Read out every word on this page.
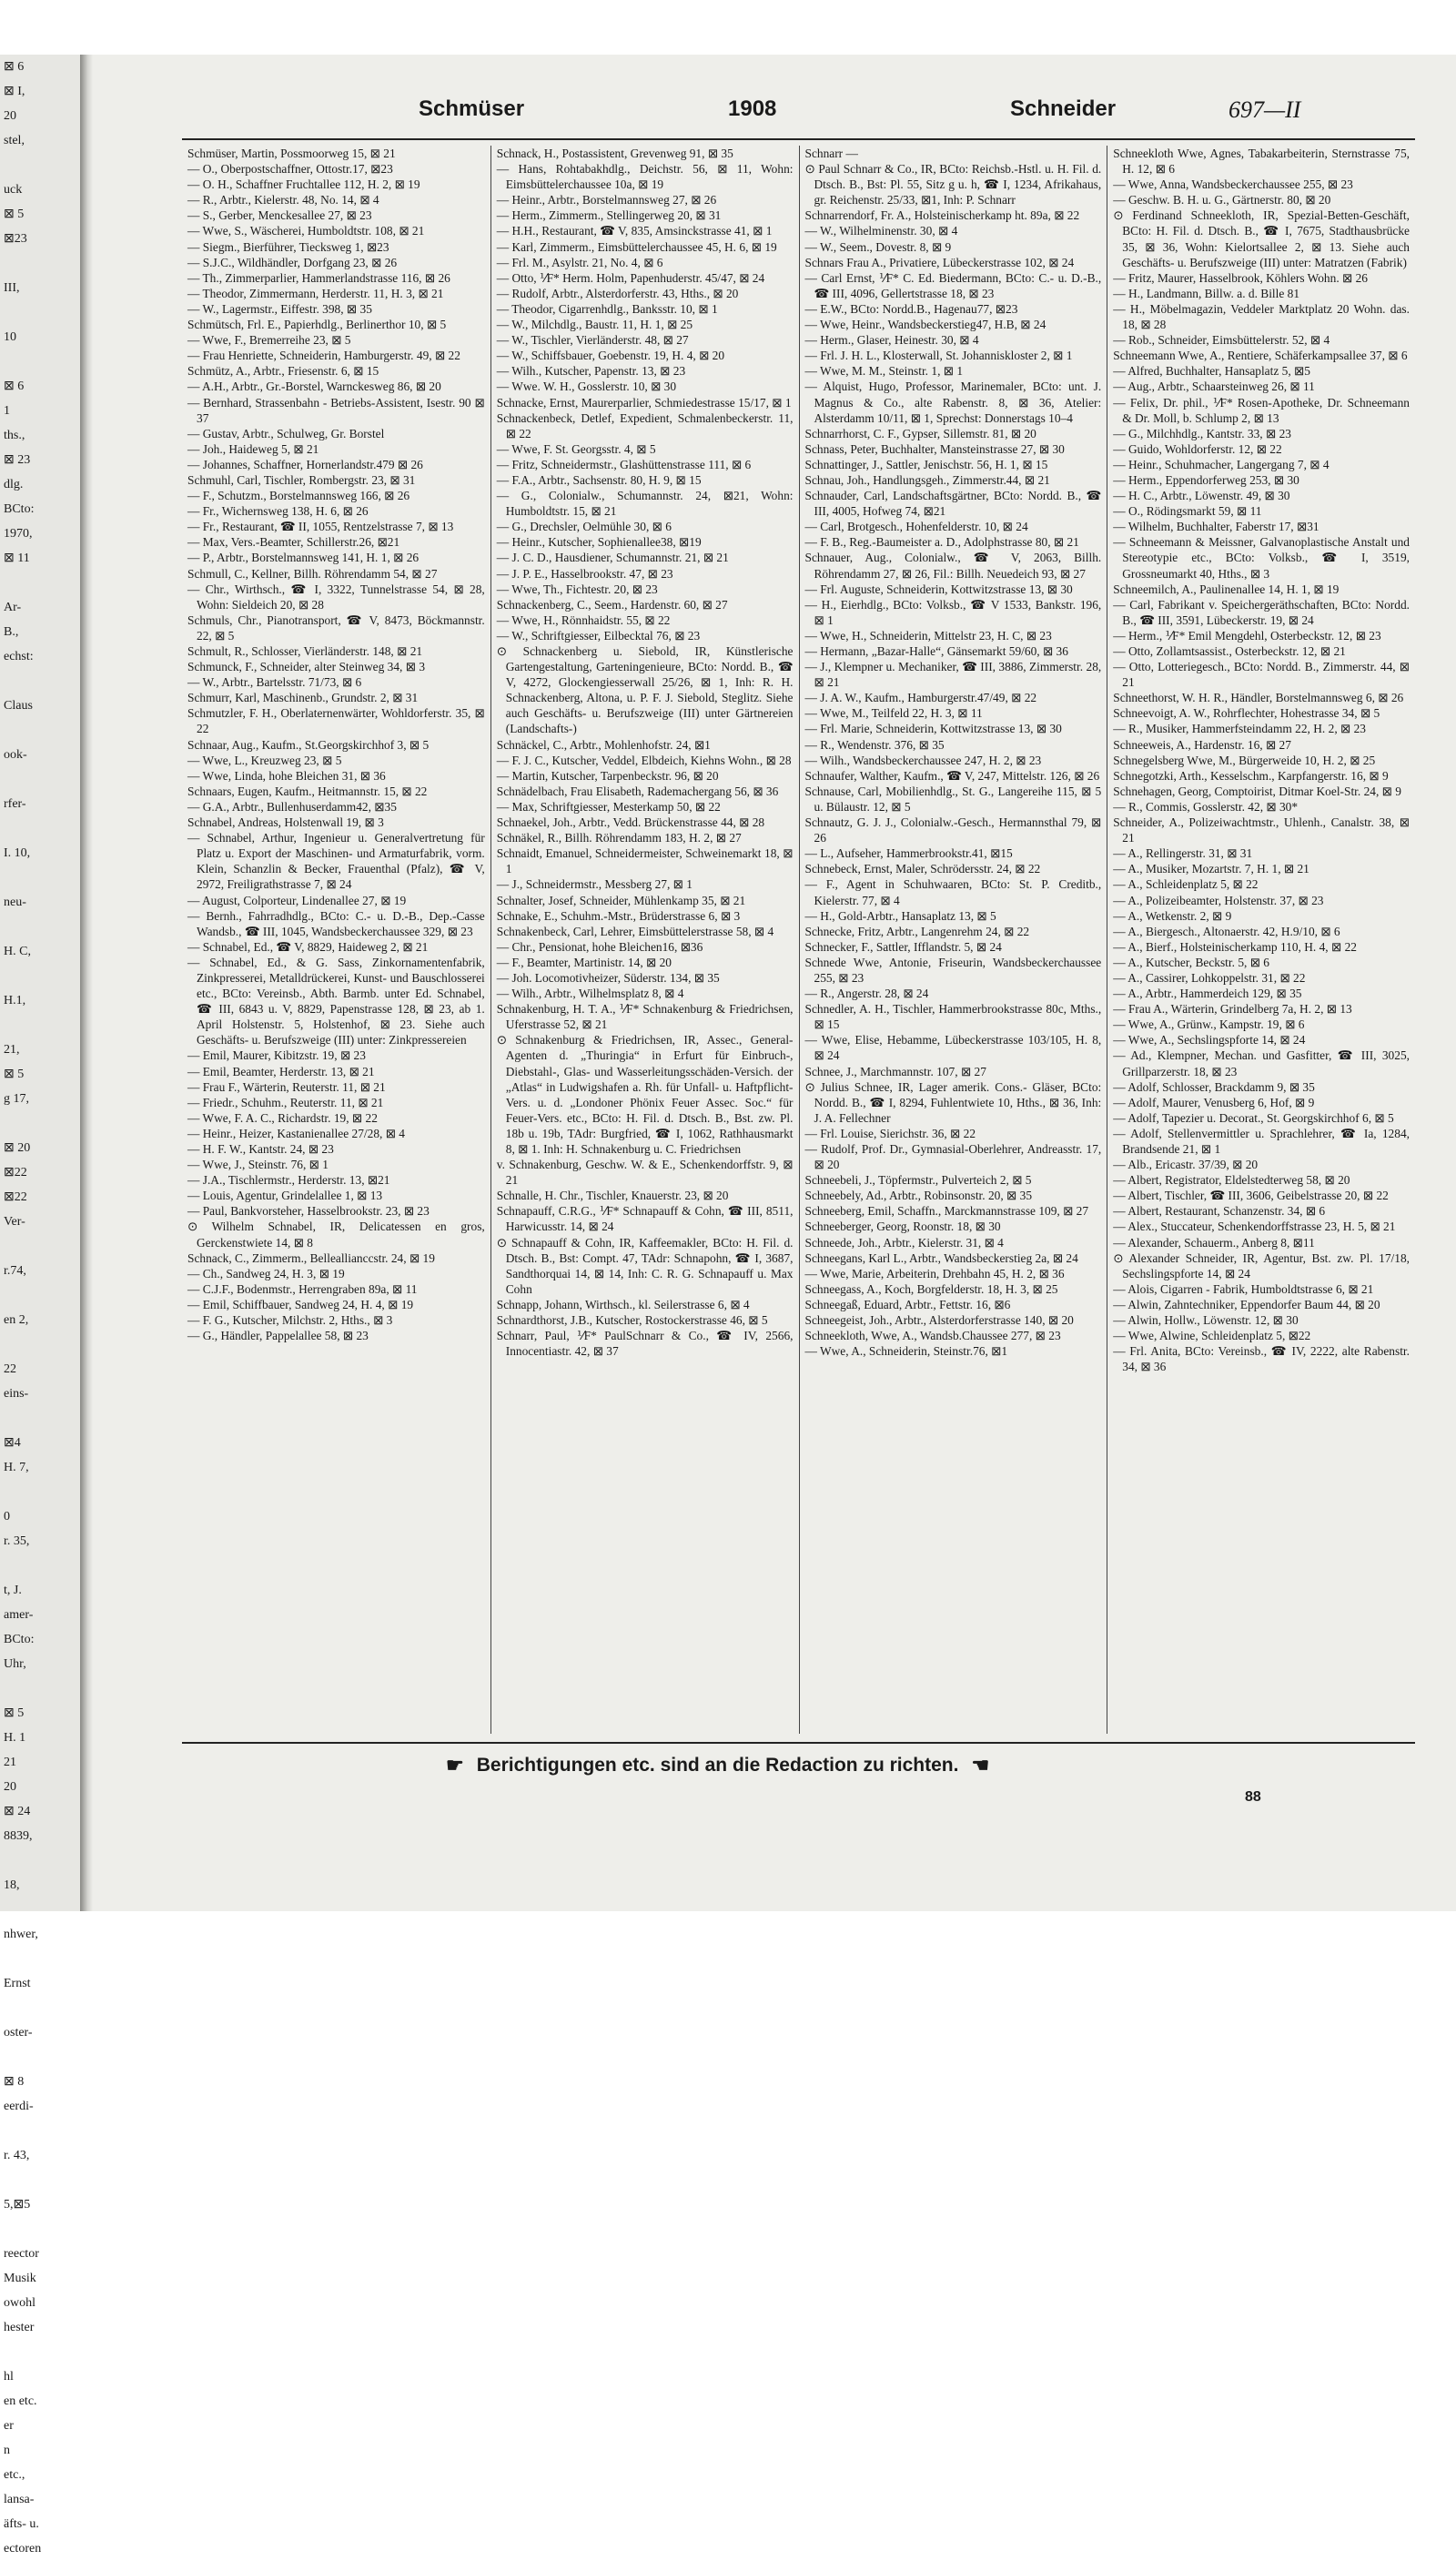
⊠ 6
⊠ I,
20
stel,

uck
⊠ 5
⊠23

III,

10

⊠ 6
1
ths.,
⊠ 23
dlg.
BCto:
1970,
⊠ 11

Ar-
B.,
echst:

Claus

ook-

rfer-

I. 10,

neu-

H. C,

H.1,

21,
⊠ 5
g 17,

⊠ 20
⊠22
⊠22
Ver-

r.74,

en 2,

22
eins-

⊠4
H. 7,

0
r. 35,

t, J.
amer-
BCto:
Uhr,

⊠ 5
H. 1
21
20
⊠ 24
8839,

18,

nhwer,

Ernst

oster-

⊠ 8
eerdi-

r. 43,

5,⊠5

reector
Musik
owohl
hester

hl
en etc.
er
n
etc.,
lansa-
äfts- u.
ectoren
Schmüser	1908	Schneider	697—II

Schmüser, Martin, Possmoorweg 15, ⊠ 21

— O., Oberpostschaffner, Ottostr.17, ⊠23

— O. H., Schaffner Fruchtallee 112, H. 2, ⊠ 19

— R., Arbtr., Kielerstr. 48, No. 14, ⊠ 4

— S., Gerber, Menckesallee 27, ⊠ 23

— Wwe, S., Wäscherei, Humboldtstr. 108, ⊠ 21

— Siegm., Bierführer, Tiecksweg 1, ⊠23

— S.J.C., Wildhändler, Dorfgang 23, ⊠ 26

— Th., Zimmerparlier, Hammerlandstrasse 116, ⊠ 26

— Theodor, Zimmermann, Herderstr. 11, H. 3, ⊠ 21

— W., Lagermstr., Eiffestr. 398, ⊠ 35

Schmütsch, Frl. E., Papierhdlg., Berlinerthor 10, ⊠ 5

— Wwe, F., Bremerreihe 23, ⊠ 5

— Frau Henriette, Schneiderin, Hamburgerstr. 49, ⊠ 22

Schmütz, A., Arbtr., Friesenstr. 6, ⊠ 15

— A.H., Arbtr., Gr.-Borstel, Warnckesweg 86, ⊠ 20

— Bernhard, Strassenbahn - Betriebs-Assistent, Isestr. 90 ⊠ 37

— Gustav, Arbtr., Schulweg, Gr. Borstel

— Joh., Haideweg 5, ⊠ 21

— Johannes, Schaffner, Hornerlandstr.479 ⊠ 26

Schmuhl, Carl, Tischler, Rombergstr. 23, ⊠ 31

— F., Schutzm., Borstelmannsweg 166, ⊠ 26

— Fr., Wichernsweg 138, H. 6, ⊠ 26

— Fr., Restaurant, ☎ II, 1055, Rentzelstrasse 7, ⊠ 13

— Max, Vers.-Beamter, Schillerstr.26, ⊠21

— P., Arbtr., Borstelmannsweg 141, H. 1, ⊠ 26

Schmull, C., Kellner, Billh. Röhrendamm 54, ⊠ 27

— Chr., Wirthsch., ☎ I, 3322, Tunnelstrasse 54, ⊠ 28, Wohn: Sieldeich 20, ⊠ 28

Schmuls, Chr., Pianotransport, ☎ V, 8473, Böckmannstr. 22, ⊠ 5

Schmult, R., Schlosser, Vierländerstr. 148, ⊠ 21

Schmunck, F., Schneider, alter Steinweg 34, ⊠ 3

— W., Arbtr., Bartelsstr. 71/73, ⊠ 6

Schmurr, Karl, Maschinenb., Grundstr. 2, ⊠ 31

Schmutzler, F. H., Oberlaternenwärter, Wohldorferstr. 35, ⊠ 22

Schnaar, Aug., Kaufm., St.Georgskirchhof 3, ⊠ 5

— Wwe, L., Kreuzweg 23, ⊠ 5

— Wwe, Linda, hohe Bleichen 31, ⊠ 36

Schnaars, Eugen, Kaufm., Heitmannstr. 15, ⊠ 22

— G.A., Arbtr., Bullenhuserdamm42, ⊠35

Schnabel, Andreas, Holstenwall 19, ⊠ 3

— Schnabel, Arthur, Ingenieur u. Generalvertretung für Platz u. Export der Maschinen- und Armaturfabrik, vorm. Klein, Schanzlin & Becker, Frauenthal (Pfalz), ☎ V, 2972, Freiligrathstrasse 7, ⊠ 24

— August, Colporteur, Lindenallee 27, ⊠ 19

— Bernh., Fahrradhdlg., BCto: C.- u. D.-B., Dep.-Casse Wandsb., ☎ III, 1045, Wandsbeckerchaussee 329, ⊠ 23

— Schnabel, Ed., ☎ V, 8829, Haideweg 2, ⊠ 21

— Schnabel, Ed., & G. Sass, Zinkornamentenfabrik, Zinkpresserei, Metalldrückerei, Kunst- und Bauschlosserei etc., BCto: Vereinsb., Abth. Barmb. unter Ed. Schnabel, ☎ III, 6843 u. V, 8829, Papenstrasse 128, ⊠ 23, ab 1. April Holstenstr. 5, Holstenhof, ⊠ 23. Siehe auch Geschäfts- u. Berufszweige (III) unter: Zinkpressereien

— Emil, Maurer, Kibitzstr. 19, ⊠ 23

— Emil, Beamter, Herderstr. 13, ⊠ 21

— Frau F., Wärterin, Reuterstr. 11, ⊠ 21

— Friedr., Schuhm., Reuterstr. 11, ⊠ 21

— Wwe, F. A. C., Richardstr. 19, ⊠ 22

— Heinr., Heizer, Kastanienallee 27/28, ⊠ 4

— H. F. W., Kantstr. 24, ⊠ 23

— Wwe, J., Steinstr. 76, ⊠ 1

— J.A., Tischlermstr., Herderstr. 13, ⊠21

— Louis, Agentur, Grindelallee 1, ⊠ 13

— Paul, Bankvorsteher, Hasselbrookstr. 23, ⊠ 23

⊙ Wilhelm Schnabel, IR, Delicatessen en gros, Gerckenstwiete 14, ⊠ 8

Schnack, C., Zimmerm., Belleallianccstr. 24, ⊠ 19

— Ch., Sandweg 24, H. 3, ⊠ 19

— C.J.F., Bodenmstr., Herrengraben 89a, ⊠ 11

— Emil, Schiffbauer, Sandweg 24, H. 4, ⊠ 19

— F. G., Kutscher, Milchstr. 2, Hths., ⊠ 3

— G., Händler, Pappelallee 58, ⊠ 23

Schnack, H., Postassistent, Grevenweg 91, ⊠ 35

— Hans, Rohtabakhdlg., Deichstr. 56, ⊠ 11, Wohn: Eimsbüttelerchaussee 10a, ⊠ 19

— Heinr., Arbtr., Borstelmannsweg 27, ⊠ 26

— Herm., Zimmerm., Stellingerweg 20, ⊠ 31

— H.H., Restaurant, ☎ V, 835, Amsinckstrasse 41, ⊠ 1

— Karl, Zimmerm., Eimsbüttelerchaussee 45, H. 6, ⊠ 19

— Frl. M., Asylstr. 21, No. 4, ⊠ 6

— Otto, ⅟F* Herm. Holm, Papenhuderstr. 45/47, ⊠ 24

— Rudolf, Arbtr., Alsterdorferstr. 43, Hths., ⊠ 20

— Theodor, Cigarrenhdlg., Banksstr. 10, ⊠ 1

— W., Milchdlg., Baustr. 11, H. 1, ⊠ 25

— W., Tischler, Vierländerstr. 48, ⊠ 27

— W., Schiffsbauer, Goebenstr. 19, H. 4, ⊠ 20

— Wilh., Kutscher, Papenstr. 13, ⊠ 23

— Wwe. W. H., Gosslerstr. 10, ⊠ 30

Schnacke, Ernst, Maurerparlier, Schmiedestrasse 15/17, ⊠ 1

Schnackenbeck, Detlef, Expedient, Schmalenbeckerstr. 11, ⊠ 22

— Wwe, F. St. Georgsstr. 4, ⊠ 5

— Fritz, Schneidermstr., Glashüttenstrasse 111, ⊠ 6

— F.A., Arbtr., Sachsenstr. 80, H. 9, ⊠ 15

— G., Colonialw., Schumannstr. 24, ⊠21, Wohn: Humboldtstr. 15, ⊠ 21

— G., Drechsler, Oelmühle 30, ⊠ 6

— Heinr., Kutscher, Sophienallee38, ⊠19

— J. C. D., Hausdiener, Schumannstr. 21, ⊠ 21

— J. P. E., Hasselbrookstr. 47, ⊠ 23

— Wwe, Th., Fichtestr. 20, ⊠ 23

Schnackenberg, C., Seem., Hardenstr. 60, ⊠ 27

— Wwe, H., Rönnhaidstr. 55, ⊠ 22

— W., Schriftgiesser, Eilbecktal 76, ⊠ 23

⊙ Schnackenberg u. Siebold, IR, Künstlerische Gartengestaltung, Garteningenieure, BCto: Nordd. B., ☎ V, 4272, Glockengiesserwall 25/26, ⊠ 1, Inh: R. H. Schnackenberg, Altona, u. P. F. J. Siebold, Steglitz. Siehe auch Geschäfts- u. Berufszweige (III) unter Gärtnereien (Landschafts-)

Schnäckel, C., Arbtr., Mohlenhofstr. 24, ⊠1

— F. J. C., Kutscher, Veddel, Elbdeich, Kiehns Wohn., ⊠ 28

— Martin, Kutscher, Tarpenbeckstr. 96, ⊠ 20

Schnädelbach, Frau Elisabeth, Rademachergang 56, ⊠ 36

— Max, Schriftgiesser, Mesterkamp 50, ⊠ 22

Schnaekel, Joh., Arbtr., Vedd. Brückenstrasse 44, ⊠ 28

Schnäkel, R., Billh. Röhrendamm 183, H. 2, ⊠ 27

Schnaidt, Emanuel, Schneidermeister, Schweinemarkt 18, ⊠ 1

— J., Schneidermstr., Messberg 27, ⊠ 1

Schnalter, Josef, Schneider, Mühlenkamp 35, ⊠ 21

Schnake, E., Schuhm.-Mstr., Brüderstrasse 6, ⊠ 3

Schnakenbeck, Carl, Lehrer, Eimsbüttelerstrasse 58, ⊠ 4

— Chr., Pensionat, hohe Bleichen16, ⊠36

— F., Beamter, Martinistr. 14, ⊠ 20

— Joh. Locomotivheizer, Süderstr. 134, ⊠ 35

— Wilh., Arbtr., Wilhelmsplatz 8, ⊠ 4

Schnakenburg, H. T. A., ⅟F* Schnakenburg & Friedrichsen, Uferstrasse 52, ⊠ 21

⊙ Schnakenburg & Friedrichsen, IR, Assec., General-Agenten d. „Thuringia“ in Erfurt für Einbruch-, Diebstahl-, Glas- und Wasserleitungsschäden-Versich. der „Atlas“ in Ludwigshafen a. Rh. für Unfall- u. Haftpflicht-Vers. u. d. „Londoner Phönix Feuer Assec. Soc.“ für Feuer-Vers. etc., BCto: H. Fil. d. Dtsch. B., Bst. zw. Pl. 18b u. 19b, TAdr: Burgfried, ☎ I, 1062, Rathhausmarkt 8, ⊠ 1. Inh: H. Schnakenburg u. C. Friedrichsen

v. Schnakenburg, Geschw. W. & E., Schenkendorffstr. 9, ⊠ 21

Schnalle, H. Chr., Tischler, Knauerstr. 23, ⊠ 20

Schnapauff, C.R.G., ⅟F* Schnapauff & Cohn, ☎ III, 8511, Harwicusstr. 14, ⊠ 24

⊙ Schnapauff & Cohn, IR, Kaffeemakler, BCto: H. Fil. d. Dtsch. B., Bst: Compt. 47, TAdr: Schnapohn, ☎ I, 3687, Sandthorquai 14, ⊠ 14, Inh: C. R. G. Schnapauff u. Max Cohn

Schnapp, Johann, Wirthsch., kl. Seilerstrasse 6, ⊠ 4

Schnardthorst, J.B., Kutscher, Rostockerstrasse 46, ⊠ 5

Schnarr, Paul, ⅟F* PaulSchnarr & Co., ☎ IV, 2566, Innocentiastr. 42, ⊠ 37

Schnarr —

⊙ Paul Schnarr & Co., IR, BCto: Reichsb.-Hstl. u. H. Fil. d. Dtsch. B., Bst: Pl. 55, Sitz g u. h, ☎ I, 1234, Afrikahaus, gr. Reichenstr. 25/33, ⊠1, Inh: P. Schnarr

Schnarrendorf, Fr. A., Holsteinischerkamp ht. 89a, ⊠ 22

— W., Wilhelminenstr. 30, ⊠ 4

— W., Seem., Dovestr. 8, ⊠ 9

Schnars Frau A., Privatiere, Lübeckerstrasse 102, ⊠ 24

— Carl Ernst, ⅟F* C. Ed. Biedermann, BCto: C.- u. D.-B., ☎ III, 4096, Gellertstrasse 18, ⊠ 23

— E.W., BCto: Nordd.B., Hagenau77, ⊠23

— Wwe, Heinr., Wandsbeckerstieg47, H.B, ⊠ 24

— Herm., Glaser, Heinestr. 30, ⊠ 4

— Frl. J. H. L., Klosterwall, St. Johanniskloster 2, ⊠ 1

— Wwe, M. M., Steinstr. 1, ⊠ 1

— Alquist, Hugo, Professor, Marinemaler, BCto: unt. J. Magnus & Co., alte Rabenstr. 8, ⊠ 36, Atelier: Alsterdamm 10/11, ⊠ 1, Sprechst: Donnerstags 10–4

Schnarrhorst, C. F., Gypser, Sillemstr. 81, ⊠ 20

Schnass, Peter, Buchhalter, Mansteinstrasse 27, ⊠ 30

Schnattinger, J., Sattler, Jenischstr. 56, H. 1, ⊠ 15

Schnau, Joh., Handlungsgeh., Zimmerstr.44, ⊠ 21

Schnauder, Carl, Landschaftsgärtner, BCto: Nordd. B., ☎ III, 4005, Hofweg 74, ⊠21

— Carl, Brotgesch., Hohenfelderstr. 10, ⊠ 24

— F. B., Reg.-Baumeister a. D., Adolphstrasse 80, ⊠ 21

Schnauer, Aug., Colonialw., ☎ V, 2063, Billh. Röhrendamm 27, ⊠ 26, Fil.: Billh. Neuedeich 93, ⊠ 27

— Frl. Auguste, Schneiderin, Kottwitzstrasse 13, ⊠ 30

— H., Eierhdlg., BCto: Volksb., ☎ V 1533, Bankstr. 196, ⊠ 1

— Wwe, H., Schneiderin, Mittelstr 23, H. C, ⊠ 23

— Hermann, „Bazar-Halle“, Gänsemarkt 59/60, ⊠ 36

— J., Klempner u. Mechaniker, ☎ III, 3886, Zimmerstr. 28, ⊠ 21

— J. A. W., Kaufm., Hamburgerstr.47/49, ⊠ 22

— Wwe, M., Teilfeld 22, H. 3, ⊠ 11

— Frl. Marie, Schneiderin, Kottwitzstrasse 13, ⊠ 30

— R., Wendenstr. 376, ⊠ 35

— Wilh., Wandsbeckerchaussee 247, H. 2, ⊠ 23

Schnaufer, Walther, Kaufm., ☎ V, 247, Mittelstr. 126, ⊠ 26

Schnause, Carl, Mobilienhdlg., St. G., Langereihe 115, ⊠ 5 u. Bülaustr. 12, ⊠ 5

Schnautz, G. J. J., Colonialw.-Gesch., Hermannsthal 79, ⊠ 26

— L., Aufseher, Hammerbrookstr.41, ⊠15

Schnebeck, Ernst, Maler, Schrödersstr. 24, ⊠ 22

— F., Agent in Schuhwaaren, BCto: St. P. Creditb., Kielerstr. 77, ⊠ 4

— H., Gold-Arbtr., Hansaplatz 13, ⊠ 5

Schnecke, Fritz, Arbtr., Langenrehm 24, ⊠ 22

Schnecker, F., Sattler, Ifflandstr. 5, ⊠ 24

Schnede Wwe, Antonie, Friseurin, Wandsbeckerchaussee 255, ⊠ 23

— R., Angerstr. 28, ⊠ 24

Schnedler, A. H., Tischler, Hammerbrookstrasse 80c, Mths., ⊠ 15

— Wwe, Elise, Hebamme, Lübeckerstrasse 103/105, H. 8, ⊠ 24

Schnee, J., Marchmannstr. 107, ⊠ 27

⊙ Julius Schnee, IR, Lager amerik. Cons.- Gläser, BCto: Nordd. B., ☎ I, 8294, Fuhlentwiete 10, Hths., ⊠ 36, Inh: J. A. Fellechner

— Frl. Louise, Sierichstr. 36, ⊠ 22

— Rudolf, Prof. Dr., Gymnasial-Oberlehrer, Andreasstr. 17, ⊠ 20

Schneebeli, J., Töpfermstr., Pulverteich 2, ⊠ 5

Schneebely, Ad., Arbtr., Robinsonstr. 20, ⊠ 35

Schneeberg, Emil, Schaffn., Marckmannstrasse 109, ⊠ 27

Schneeberger, Georg, Roonstr. 18, ⊠ 30

Schneede, Joh., Arbtr., Kielerstr. 31, ⊠ 4

Schneegans, Karl L., Arbtr., Wandsbeckerstieg 2a, ⊠ 24

— Wwe, Marie, Arbeiterin, Drehbahn 45, H. 2, ⊠ 36

Schneegass, A., Koch, Borgfelderstr. 18, H. 3, ⊠ 25

Schneegaß, Eduard, Arbtr., Fettstr. 16, ⊠6

Schneegeist, Joh., Arbtr., Alsterdorferstrasse 140, ⊠ 20

Schneekloth, Wwe, A., Wandsb.Chaussee 277, ⊠ 23

— Wwe, A., Schneiderin, Steinstr.76, ⊠1

Schneekloth Wwe, Agnes, Tabakarbeiterin, Sternstrasse 75, H. 12, ⊠ 6

— Wwe, Anna, Wandsbeckerchaussee 255, ⊠ 23

— Geschw. B. H. u. G., Gärtnerstr. 80, ⊠ 20

⊙ Ferdinand Schneekloth, IR, Spezial-Betten-Geschäft, BCto: H. Fil. d. Dtsch. B., ☎ I, 7675, Stadthausbrücke 35, ⊠ 36, Wohn: Kielortsallee 2, ⊠ 13. Siehe auch Geschäfts- u. Berufszweige (III) unter: Matratzen (Fabrik)

— Fritz, Maurer, Hasselbrook, Köhlers Wohn. ⊠ 26

— H., Landmann, Billw. a. d. Bille 81

— H., Möbelmagazin, Veddeler Marktplatz 20 Wohn. das. 18, ⊠ 28

— Rob., Schneider, Eimsbüttelerstr. 52, ⊠ 4

Schneemann Wwe, A., Rentiere, Schäferkampsallee 37, ⊠ 6

— Alfred, Buchhalter, Hansaplatz 5, ⊠5

— Aug., Arbtr., Schaarsteinweg 26, ⊠ 11

— Felix, Dr. phil., ⅟F* Rosen-Apotheke, Dr. Schneemann & Dr. Moll, b. Schlump 2, ⊠ 13

— G., Milchhdlg., Kantstr. 33, ⊠ 23

— Guido, Wohldorferstr. 12, ⊠ 22

— Heinr., Schuhmacher, Langergang 7, ⊠ 4

— Herm., Eppendorferweg 253, ⊠ 30

— H. C., Arbtr., Löwenstr. 49, ⊠ 30

— O., Rödingsmarkt 59, ⊠ 11

— Wilhelm, Buchhalter, Faberstr 17, ⊠31

— Schneemann & Meissner, Galvanoplastische Anstalt und Stereotypie etc., BCto: Volksb., ☎ I, 3519, Grossneumarkt 40, Hths., ⊠ 3

Schneemilch, A., Paulinenallee 14, H. 1, ⊠ 19

— Carl, Fabrikant v. Speichergeräthschaften, BCto: Nordd. B., ☎ III, 3591, Lübeckerstr. 19, ⊠ 24

— Herm., ⅟F* Emil Mengdehl, Osterbeckstr. 12, ⊠ 23

— Otto, Zollamtsassist., Osterbeckstr. 12, ⊠ 21

— Otto, Lotteriegesch., BCto: Nordd. B., Zimmerstr. 44, ⊠ 21

Schneethorst, W. H. R., Händler, Borstelmannsweg 6, ⊠ 26

Schneevoigt, A. W., Rohrflechter, Hohestrasse 34, ⊠ 5

— R., Musiker, Hammerfsteindamm 22, H. 2, ⊠ 23

Schneeweis, A., Hardenstr. 16, ⊠ 27

Schnegelsberg Wwe, M., Bürgerweide 10, H. 2, ⊠ 25

Schnegotzki, Arth., Kesselschm., Karpfangerstr. 16, ⊠ 9

Schnehagen, Georg, Comptoirist, Ditmar Koel-Str. 24, ⊠ 9

— R., Commis, Gosslerstr. 42, ⊠ 30*

Schneider, A., Polizeiwachtmstr., Uhlenh., Canalstr. 38, ⊠ 21

— A., Rellingerstr. 31, ⊠ 31

— A., Musiker, Mozartstr. 7, H. 1, ⊠ 21

— A., Schleidenplatz 5, ⊠ 22

— A., Polizeibeamter, Holstenstr. 37, ⊠ 23

— A., Wetkenstr. 2, ⊠ 9

— A., Biergesch., Altonaerstr. 42, H.9/10, ⊠ 6

— A., Bierf., Holsteinischerkamp 110, H. 4, ⊠ 22

— A., Kutscher, Beckstr. 5, ⊠ 6

— A., Cassirer, Lohkoppelstr. 31, ⊠ 22

— A., Arbtr., Hammerdeich 129, ⊠ 35

— Frau A., Wärterin, Grindelberg 7a, H. 2, ⊠ 13

— Wwe, A., Grünw., Kampstr. 19, ⊠ 6

— Wwe, A., Sechslingspforte 14, ⊠ 24

— Ad., Klempner, Mechan. und Gasfitter, ☎ III, 3025, Grillparzerstr. 18, ⊠ 23

— Adolf, Schlosser, Brackdamm 9, ⊠ 35

— Adolf, Maurer, Venusberg 6, Hof, ⊠ 9

— Adolf, Tapezier u. Decorat., St. Georgskirchhof 6, ⊠ 5

— Adolf, Stellenvermittler u. Sprachlehrer, ☎ Ia, 1284, Brandsende 21, ⊠ 1

— Alb., Ericastr. 37/39, ⊠ 20

— Albert, Registrator, Eldelstedterweg 58, ⊠ 20

— Albert, Tischler, ☎ III, 3606, Geibelstrasse 20, ⊠ 22

— Albert, Restaurant, Schanzenstr. 34, ⊠ 6

— Alex., Stuccateur, Schenkendorffstrasse 23, H. 5, ⊠ 21

— Alexander, Schauerm., Anberg 8, ⊠11

⊙ Alexander Schneider, IR, Agentur, Bst. zw. Pl. 17/18, Sechslingspforte 14, ⊠ 24

— Alois, Cigarren - Fabrik, Humboldtstrasse 6, ⊠ 21

— Alwin, Zahntechniker, Eppendorfer Baum 44, ⊠ 20

— Alwin, Hollw., Löwenstr. 12, ⊠ 30

— Wwe, Alwine, Schleidenplatz 5, ⊠22

— Frl. Anita, BCto: Vereinsb., ☎ IV, 2222, alte Rabenstr. 34, ⊠ 36

☛ Berichtigungen etc. sind an die Redaction zu richten. ☚
88
